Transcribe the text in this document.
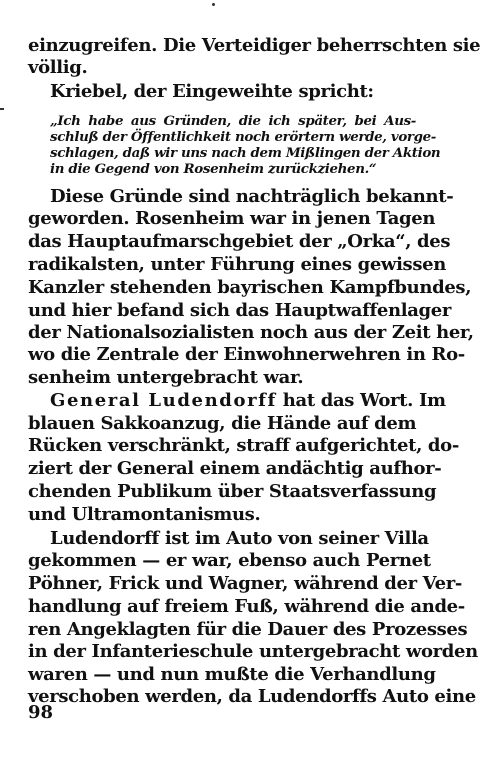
einzugreifen. Die Verteidiger beherrschten sie
völlig.
Kriebel, der Eingeweihte spricht:
„Ich habe aus Gründen, die ich später, bei Aus-
schluß der Öffentlichkeit noch erörtern werde, vorge-
schlagen, daß wir uns nach dem Mißlingen der Aktion
in die Gegend von Rosenheim zurückziehen.“
Diese Gründe sind nachträglich bekannt-
geworden. Rosenheim war in jenen Tagen
das Hauptaufmarschgebiet der „Orka“, des
radikalsten, unter Führung eines gewissen
Kanzler stehenden bayrischen Kampfbundes,
und hier befand sich das Hauptwaffenlager
der Nationalsozialisten noch aus der Zeit her,
wo die Zentrale der Einwohnerwehren in Ro-
senheim untergebracht war.
General Ludendorff hat das Wort. Im
blauen Sakkoanzug, die Hände auf dem
Rücken verschränkt, straff aufgerichtet, do-
ziert der General einem andächtig aufhor-
chenden Publikum über Staatsverfassung
und Ultramontanismus.
Ludendorff ist im Auto von seiner Villa
gekommen — er war, ebenso auch Pernet
Pöhner, Frick und Wagner, während der Ver-
handlung auf freiem Fuß, während die ande-
ren Angeklagten für die Dauer des Prozesses
in der Infanterieschule untergebracht worden
waren — und nun mußte die Verhandlung
verschoben werden, da Ludendorffs Auto eine
98
